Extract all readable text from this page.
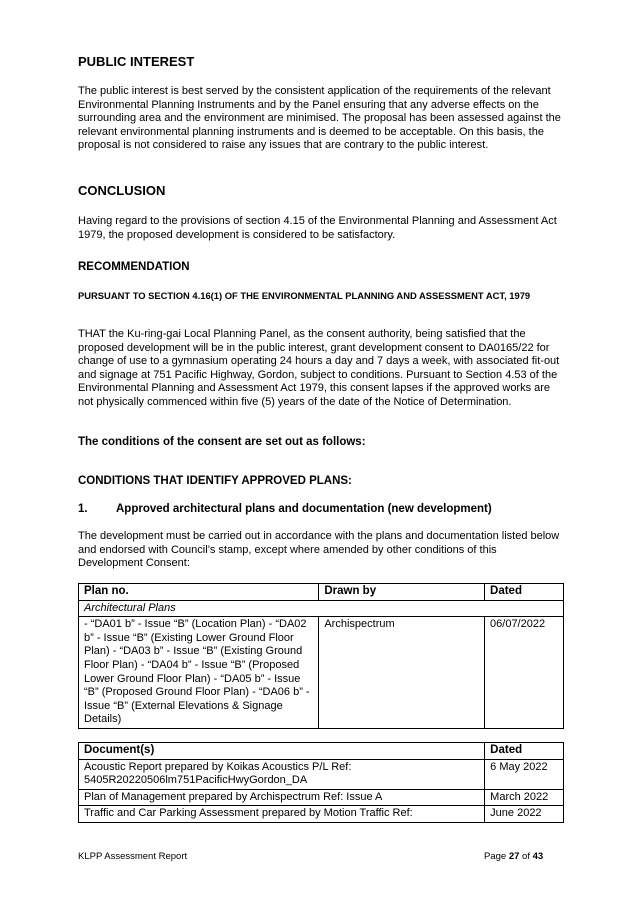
PUBLIC INTEREST

The public interest is best served by the consistent application of the requirements of the relevant Environmental Planning Instruments and by the Panel ensuring that any adverse effects on the surrounding area and the environment are minimised. The proposal has been assessed against the relevant environmental planning instruments and is deemed to be acceptable. On this basis, the proposal is not considered to raise any issues that are contrary to the public interest.

CONCLUSION

Having regard to the provisions of section 4.15 of the Environmental Planning and Assessment Act 1979, the proposed development is considered to be satisfactory.

RECOMMENDATION
PURSUANT TO SECTION 4.16(1) OF THE ENVIRONMENTAL PLANNING AND ASSESSMENT ACT, 1979

THAT the Ku-ring-gai Local Planning Panel, as the consent authority, being satisfied that the proposed development will be in the public interest, grant development consent to DA0165/22 for change of use to a gymnasium operating 24 hours a day and 7 days a week, with associated fit-out and signage at 751 Pacific Highway, Gordon, subject to conditions. Pursuant to Section 4.53 of the Environmental Planning and Assessment Act 1979, this consent lapses if the approved works are not physically commenced within five (5) years of the date of the Notice of Determination.

The conditions of the consent are set out as follows:
CONDITIONS THAT IDENTIFY APPROVED PLANS:
1. Approved architectural plans and documentation (new development)

The development must be carried out in accordance with the plans and documentation listed below and endorsed with Council’s stamp, except where amended by other conditions of this Development Consent:

Plan no.	Drawn by	Dated
Architectural Plans		
- “DA01 b” - Issue “B” (Location Plan) - “DA02 b” - Issue “B” (Existing Lower Ground Floor Plan) - “DA03 b” - Issue “B” (Existing Ground Floor Plan) - “DA04 b” - Issue “B” (Proposed Lower Ground Floor Plan) - “DA05 b” - Issue “B” (Proposed Ground Floor Plan) - “DA06 b” - Issue “B” (External Elevations & Signage Details)	Archispectrum	06/07/2022
Document(s)	Dated
Acoustic Report prepared by Koikas Acoustics P/L Ref: 5405R20220506lm751PacificHwyGordon_DA	6 May 2022
Plan of Management prepared by Archispectrum Ref: Issue A	March 2022
Traffic and Car Parking Assessment prepared by Motion Traffic Ref:	June 2022
KLPP Assessment Report	Page 27 of 43
